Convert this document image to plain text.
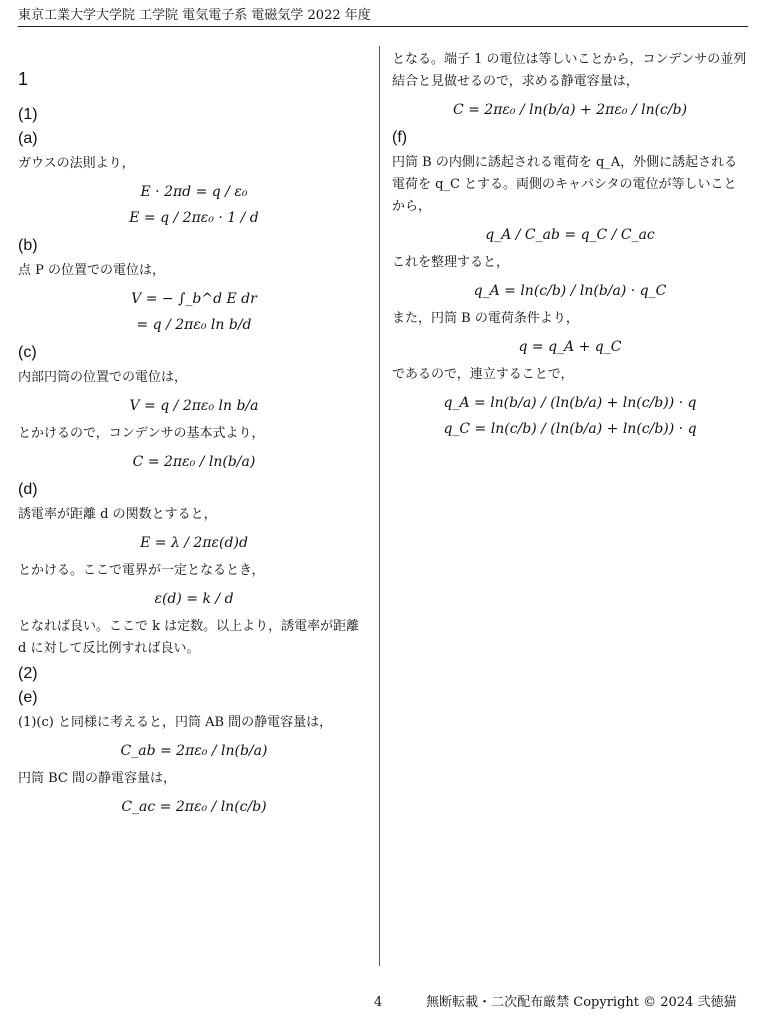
東京工業大学大学院 工学院 電気電子系 電磁気学 2022 年度
1
(1)
(a)
ガウスの法則より，
E · 2πd = q / ε₀
E = q / 2πε₀ · 1 / d
(b)
点 P の位置での電位は，
V = − ∫_b^d E dr
= q / 2πε₀ ln b/d
(c)
内部円筒の位置での電位は，
V = q / 2πε₀ ln b/a
とかけるので，コンデンサの基本式より，
C = 2πε₀ / ln(b/a)
(d)
誘電率が距離 d の関数とすると，
E = λ / 2πε(d)d
とかける。ここで電界が一定となるとき，
ε(d) = k / d
となれば良い。ここで k は定数。以上より，誘電率が距離 d に対して反比例すれば良い。
(2)
(e)
(1)(c) と同様に考えると，円筒 AB 間の静電容量は，
C_ab = 2πε₀ / ln(b/a)
円筒 BC 間の静電容量は，
C_ac = 2πε₀ / ln(c/b)
となる。端子 1 の電位は等しいことから，コンデンサの並列結合と見做せるので，求める静電容量は，
C = 2πε₀ / ln(b/a) + 2πε₀ / ln(c/b)
(f)
円筒 B の内側に誘起される電荷を q_A，外側に誘起される電荷を q_C とする。両側のキャパシタの電位が等しいことから，
q_A / C_ab = q_C / C_ac
これを整理すると，
q_A = ln(c/b) / ln(b/a) · q_C
また，円筒 B の電荷条件より，
q = q_A + q_C
であるので，連立することで，
q_A = ln(b/a) / (ln(b/a) + ln(c/b)) · q
q_C = ln(c/b) / (ln(b/a) + ln(c/b)) · q
4	無断転載・二次配布厳禁 Copyright © 2024 弐徳猫
